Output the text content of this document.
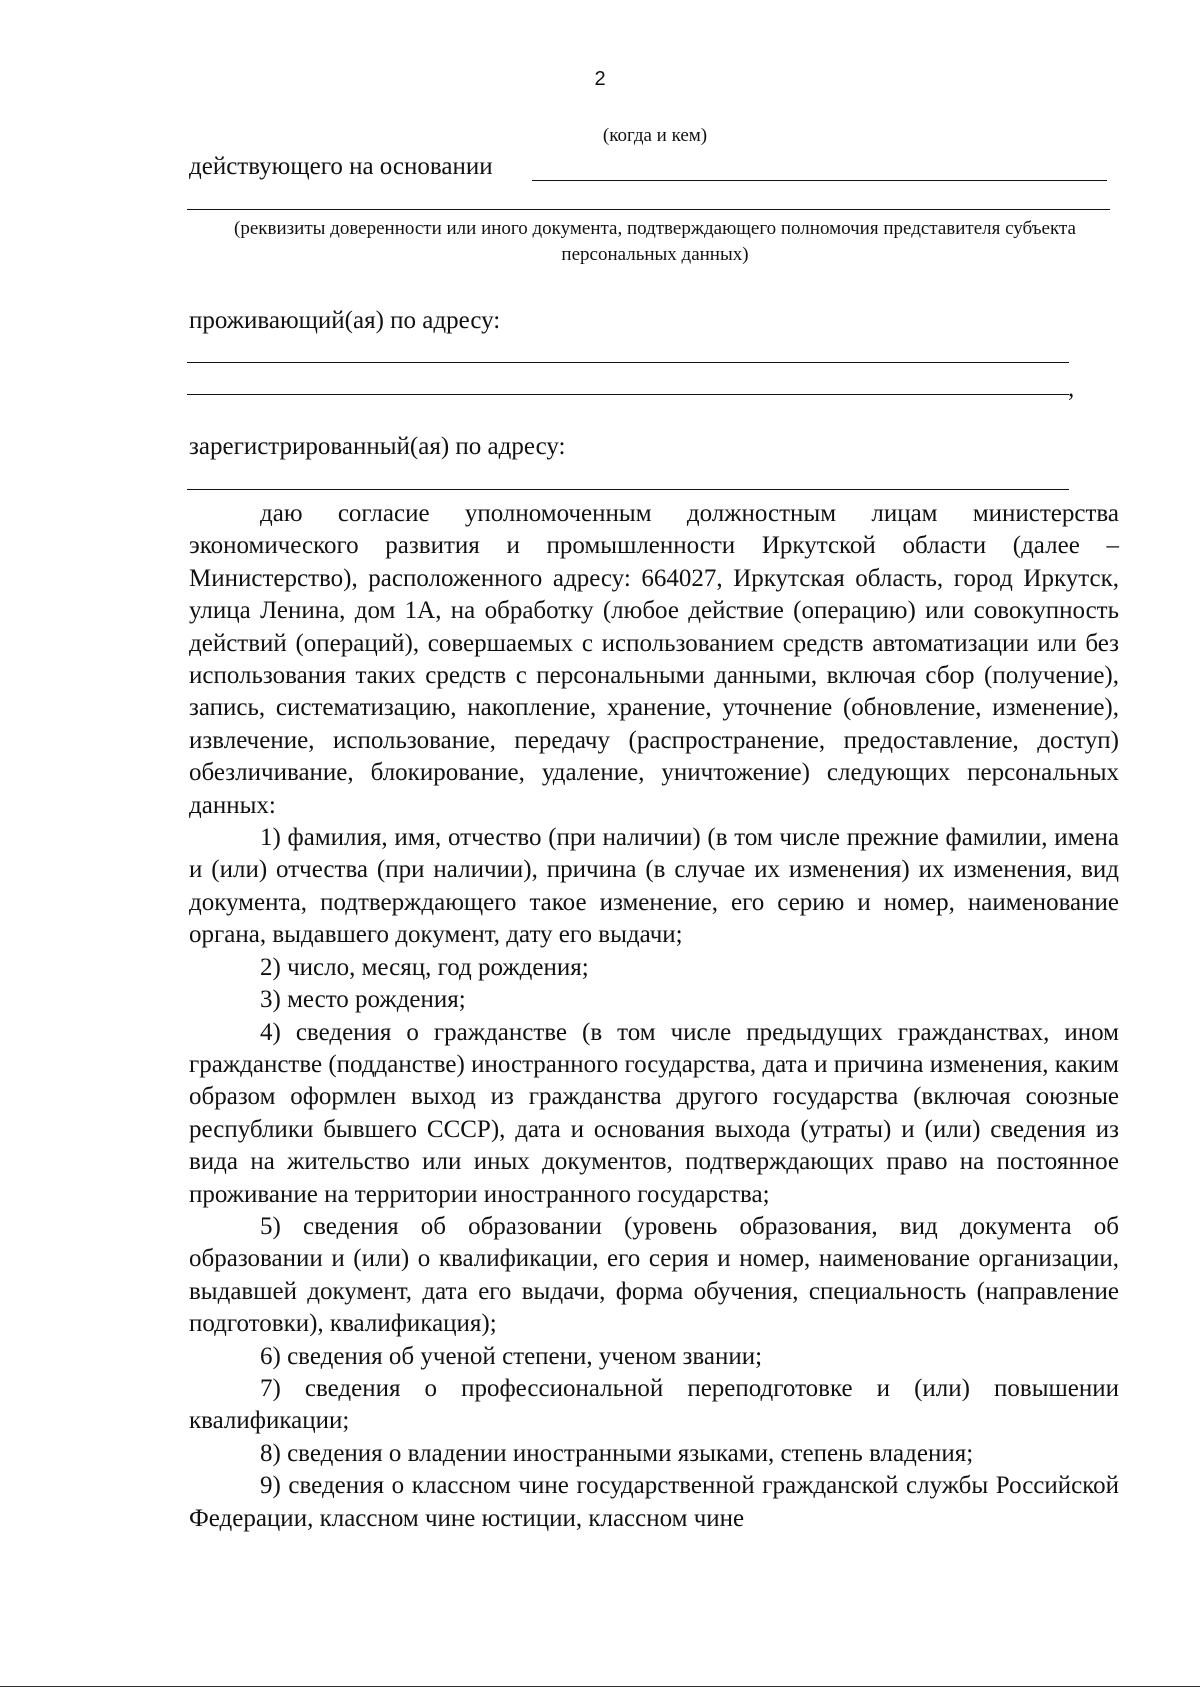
2
(когда и кем)
действующего на основании
(реквизиты доверенности или иного документа, подтверждающего полномочия представителя субъекта персональных данных)
проживающий(ая) по адресу:
,
зарегистрированный(ая) по адресу:

даю согласие уполномоченным должностным лицам министерства экономического развития и промышленности Иркутской области (далее – Министерство), расположенного адресу: 664027, Иркутская область, город Иркутск, улица Ленина, дом 1А, на обработку (любое действие (операцию) или совокупность действий (операций), совершаемых с использованием средств автоматизации или без использования таких средств с персональными данными, включая сбор (получение), запись, систематизацию, накопление, хранение, уточнение (обновление, изменение), извлечение, использование, передачу (распространение, предоставление, доступ) обезличивание, блокирование, удаление, уничтожение) следующих персональных данных:

1) фамилия, имя, отчество (при наличии) (в том числе прежние фамилии, имена и (или) отчества (при наличии), причина (в случае их изменения) их изменения, вид документа, подтверждающего такое изменение, его серию и номер, наименование органа, выдавшего документ, дату его выдачи;

2) число, месяц, год рождения;

3) место рождения;

4) сведения о гражданстве (в том числе предыдущих гражданствах, ином гражданстве (подданстве) иностранного государства, дата и причина изменения, каким образом оформлен выход из гражданства другого государства (включая союзные республики бывшего СССР), дата и основания выхода (утраты) и (или) сведения из вида на жительство или иных документов, подтверждающих право на постоянное проживание на территории иностранного государства;

5) сведения об образовании (уровень образования, вид документа об образовании и (или) о квалификации, его серия и номер, наименование организации, выдавшей документ, дата его выдачи, форма обучения, специальность (направление подготовки), квалификация);

6) сведения об ученой степени, ученом звании;

7) сведения о профессиональной переподготовке и (или) повышении квалификации;

8) сведения о владении иностранными языками, степень владения;

9) сведения о классном чине государственной гражданской службы Российской Федерации, классном чине юстиции, классном чине
